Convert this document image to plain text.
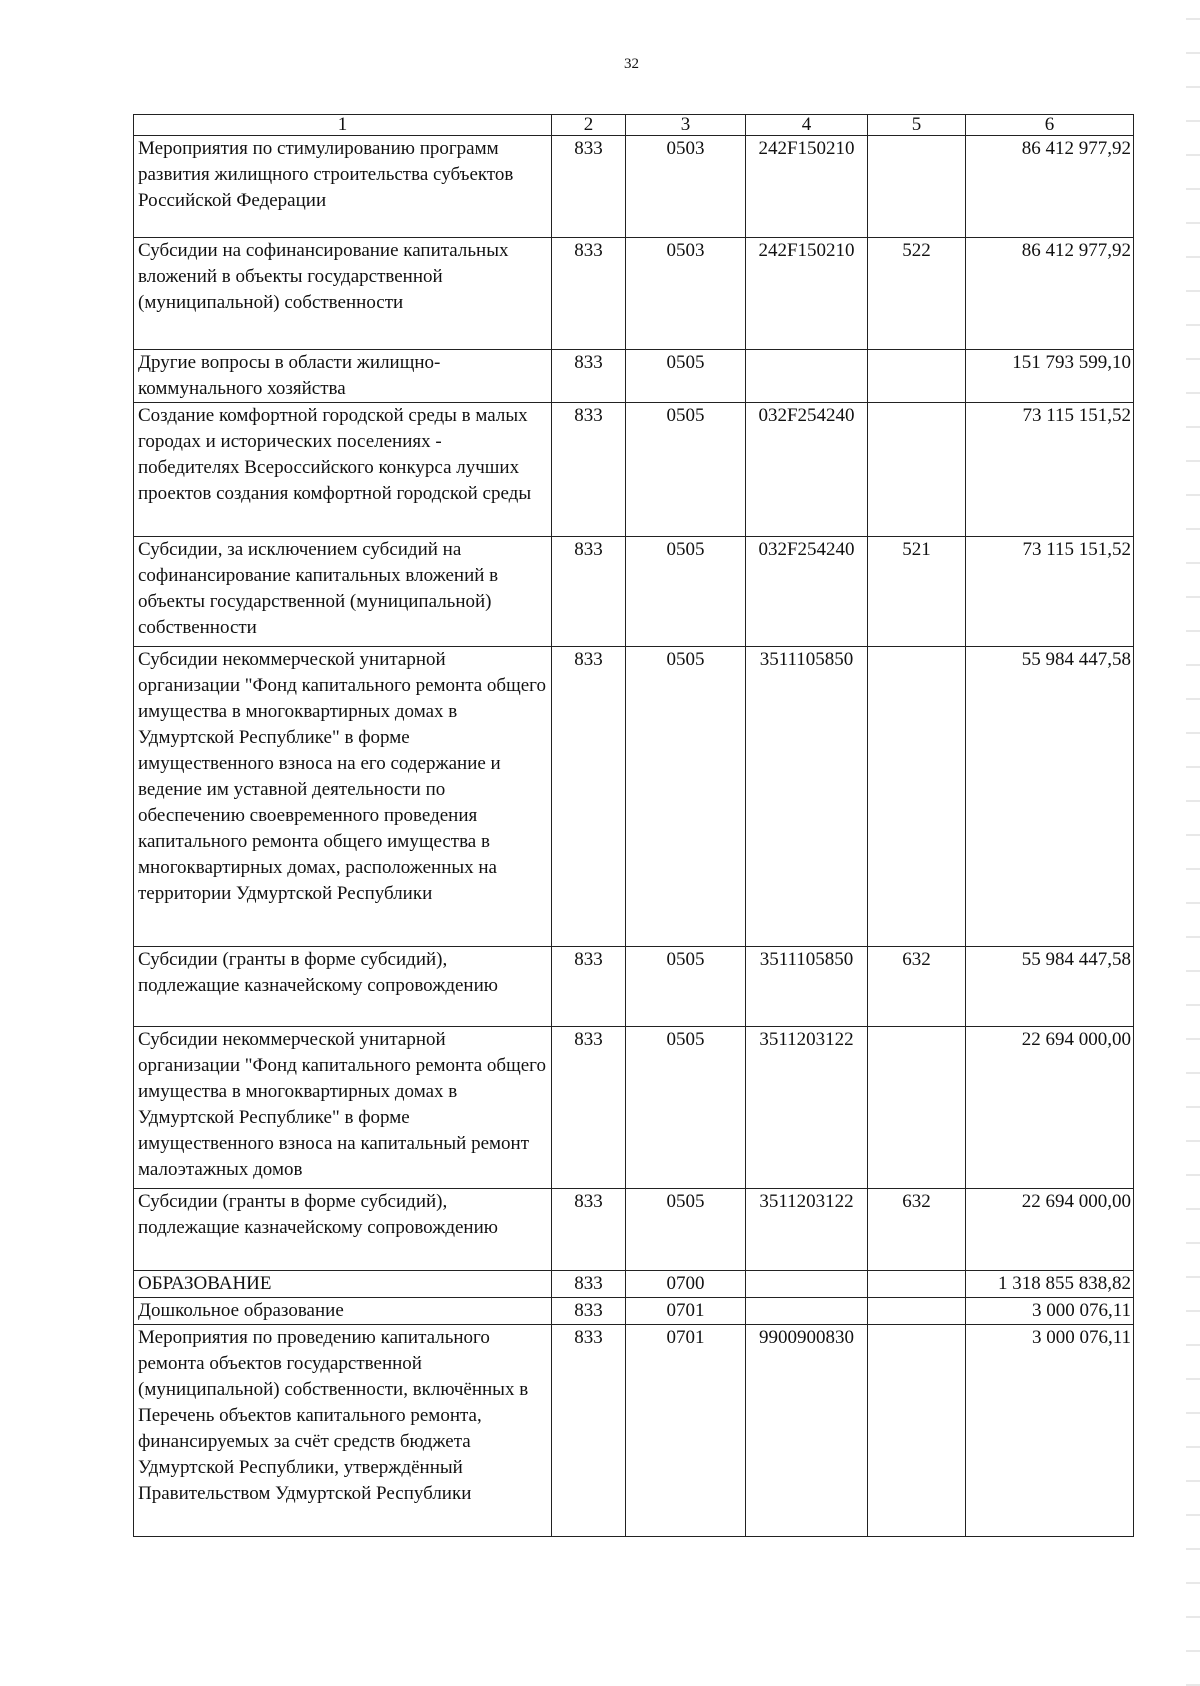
32
1	2	3	4	5	6
Мероприятия по стимулированию программ развития жилищного строительства субъектов Российской Федерации	833	0503	242F150210		86 412 977,92
Субсидии на софинансирование капитальных вложений в объекты государственной (муниципальной) собственности	833	0503	242F150210	522	86 412 977,92
Другие вопросы в области жилищно-коммунального хозяйства	833	0505			151 793 599,10
Создание комфортной городской среды в малых городах и исторических поселениях - победителях Всероссийского конкурса лучших проектов создания комфортной городской среды	833	0505	032F254240		73 115 151,52
Субсидии, за исключением субсидий на софинансирование капитальных вложений в объекты государственной (муниципальной) собственности	833	0505	032F254240	521	73 115 151,52
Субсидии некоммерческой унитарной организации "Фонд капитального ремонта общего имущества в многоквартирных домах в Удмуртской Республике" в форме имущественного взноса на его содержание и ведение им уставной деятельности по обеспечению своевременного проведения капитального ремонта общего имущества в многоквартирных домах, расположенных на территории Удмуртской Республики	833	0505	3511105850		55 984 447,58
Субсидии (гранты в форме субсидий), подлежащие казначейскому сопровождению	833	0505	3511105850	632	55 984 447,58
Субсидии некоммерческой унитарной организации "Фонд капитального ремонта общего имущества в многоквартирных домах в Удмуртской Республике" в форме имущественного взноса на капитальный ремонт малоэтажных домов	833	0505	3511203122		22 694 000,00
Субсидии (гранты в форме субсидий), подлежащие казначейскому сопровождению	833	0505	3511203122	632	22 694 000,00
ОБРАЗОВАНИЕ	833	0700			1 318 855 838,82
Дошкольное образование	833	0701			3 000 076,11
Мероприятия по проведению капитального ремонта объектов государственной (муниципальной) собственности, включённых в Перечень объектов капитального ремонта, финансируемых за счёт средств бюджета Удмуртской Республики, утверждённый Правительством Удмуртской Республики	833	0701	9900900830		3 000 076,11
